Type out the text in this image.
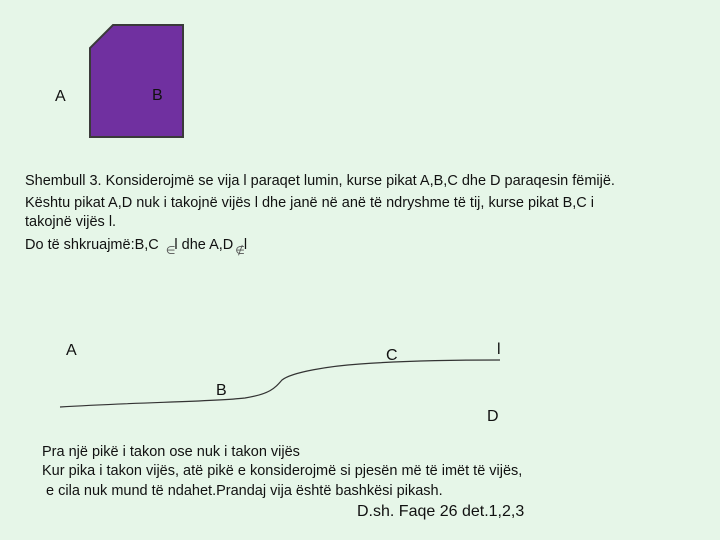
A	B
Shembull 3. Konsiderojmë se vija l paraqet lumin, kurse pikat A,B,C dhe D paraqesin fëmijë.
Kështu pikat A,D nuk i takojnë vijës l dhe janë në anë të ndryshme të tij, kurse pikat B,C i
takojnë vijës l.
Do të shkruajmë:B,C $_\in$l dhe A,D $_\notin$l
A
B
C
D
l
Pra një pikë i takon ose nuk i takon vijës
Kur pika i takon vijës, atë pikë e konsiderojmë si pjesën më të imët të vijës,
e cila nuk mund të ndahet.Prandaj vija është bashkësi pikash.
D.sh. Faqe 26 det.1,2,3
